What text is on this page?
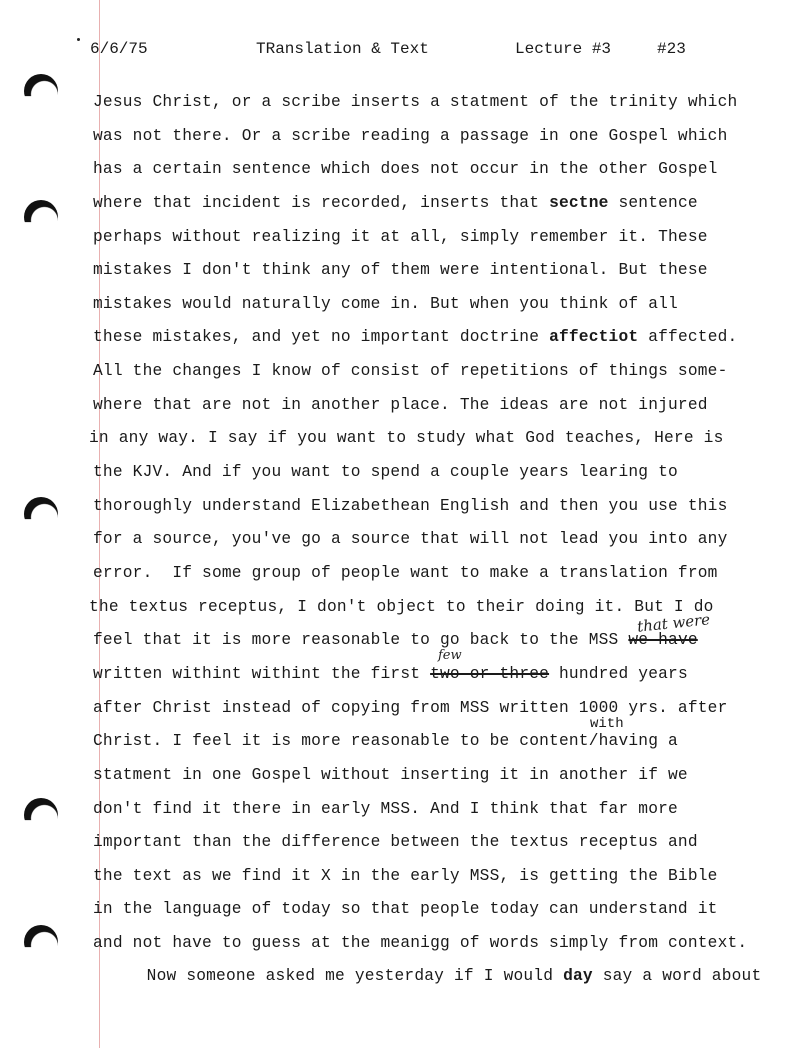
6/6/75	TRanslation & Text	Lecture #3	#23
Jesus Christ, or a scribe inserts a statment of the trinity which
was not there. Or a scribe reading a passage in one Gospel which
has a certain sentence which does not occur in the other Gospel
where that incident is recorded, inserts that sectne sentence
perhaps without realizing it at all, simply remember it. These
mistakes I don't think any of them were intentional. But these
mistakes would naturally come in. But when you think of all
these mistakes, and yet no important doctrine affectiot affected.
All the changes I know of consist of repetitions of things some-
where that are not in another place. The ideas are not injured
in any way. I say if you want to study what God teaches, Here is
the KJV. And if you want to spend a couple years learing to
thoroughly understand Elizabethean English and then you use this
for a source, you've go a source that will not lead you into any
error.  If some group of people want to make a translation from
the textus receptus, I don't object to their doing it. But I do
feel that it is more reasonable to go back to the MSS we have
that were
written withint withint the first two or three hundred years
few
after Christ instead of copying from MSS written 1000 yrs. after
with
Christ. I feel it is more reasonable to be content/having a
statment in one Gospel without inserting it in another if we
don't find it there in early MSS. And I think that far more
important than the difference between the textus receptus and
the text as we find it X in the early MSS, is getting the Bible
in the language of today so that people today can understand it
and not have to guess at the meanigg of words simply from context.
Now someone asked me yesterday if I would day say a word about
